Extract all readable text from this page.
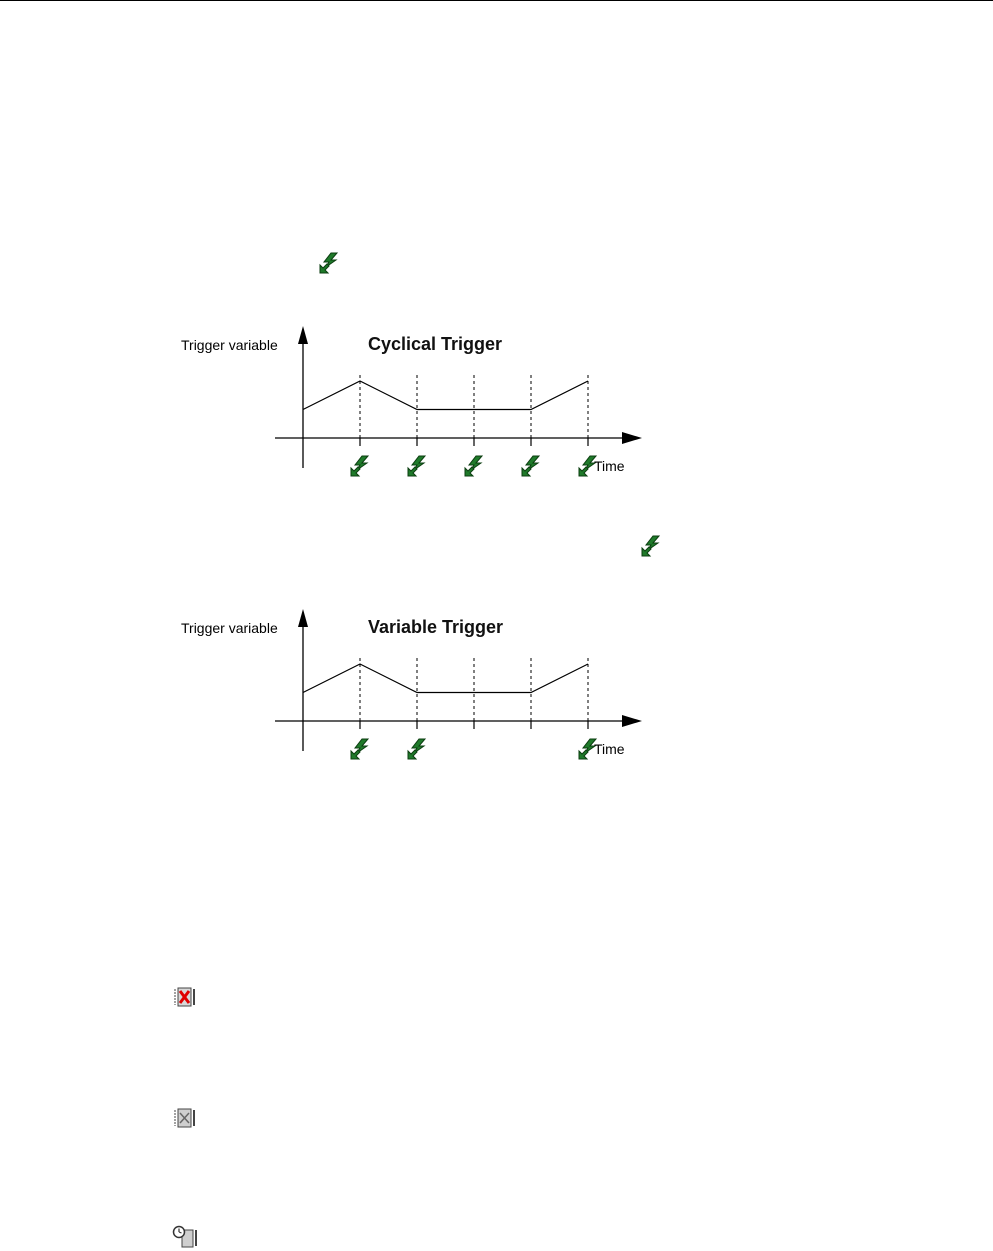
Trigger variable	Cyclical Trigger
Time
Trigger variable	Variable Trigger
Time
